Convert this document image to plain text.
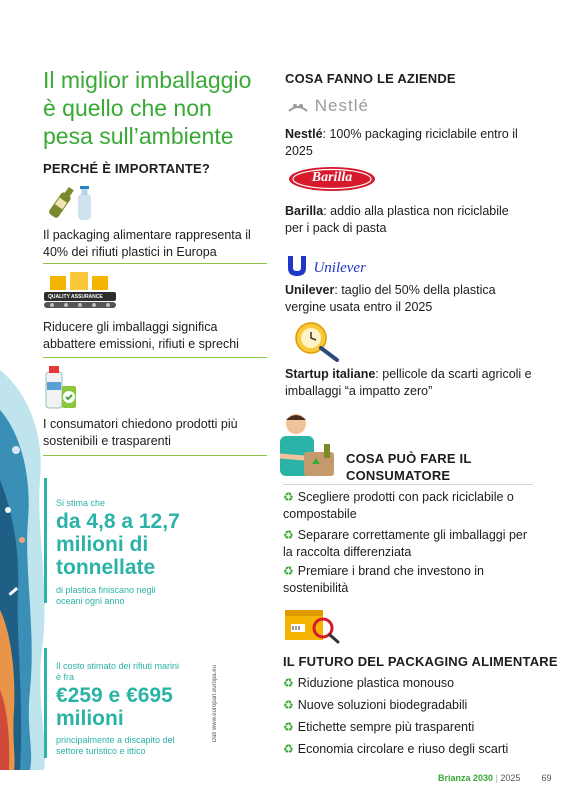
Il miglior imballaggio è quello che non pesa sull’ambiente
PERCHÉ È IMPORTANTE?
Il packaging alimentare rappresenta il 40% dei rifiuti plastici in Europa
QUALITY ASSURANCE
Riducere gli imballaggi significa abbattere emissioni, rifiuti e sprechi
I consumatori chiedono prodotti più sostenibili e trasparenti
Si stima che
da 4,8 a 12,7 milioni di tonnellate
di plastica finiscano negli oceani ogni anno
Il costo stimato dei rifiuti marini è fra
€259 e €695 milioni
principalmente a discapito del settore turistico e ittico
Dati www.europarl.europa.eu
COSA FANNO LE AZIENDE
Nestlé
Nestlé: 100% packaging riciclabile entro il 2025
Barilla
Barilla: addio alla plastica non riciclabile per i pack di pasta
Unilever
Unilever: taglio del 50% della plastica vergine usata entro il 2025
Startup italiane: pellicole da scarti agricoli e imballaggi “a impatto zero”
COSA PUÒ FARE IL CONSUMATORE
♻ Scegliere prodotti con pack riciclabile o compostabile
♻ Separare correttamente gli imballaggi per la raccolta differenziata
♻ Premiare i brand che investono in sostenibilità
IL FUTURO DEL PACKAGING ALIMENTARE
♻ Riduzione plastica monouso
♻ Nuove soluzioni biodegradabili
♻ Etichette sempre più trasparenti
♻ Economia circolare e riuso degli scarti
Brianza 2030 | 2025 69
